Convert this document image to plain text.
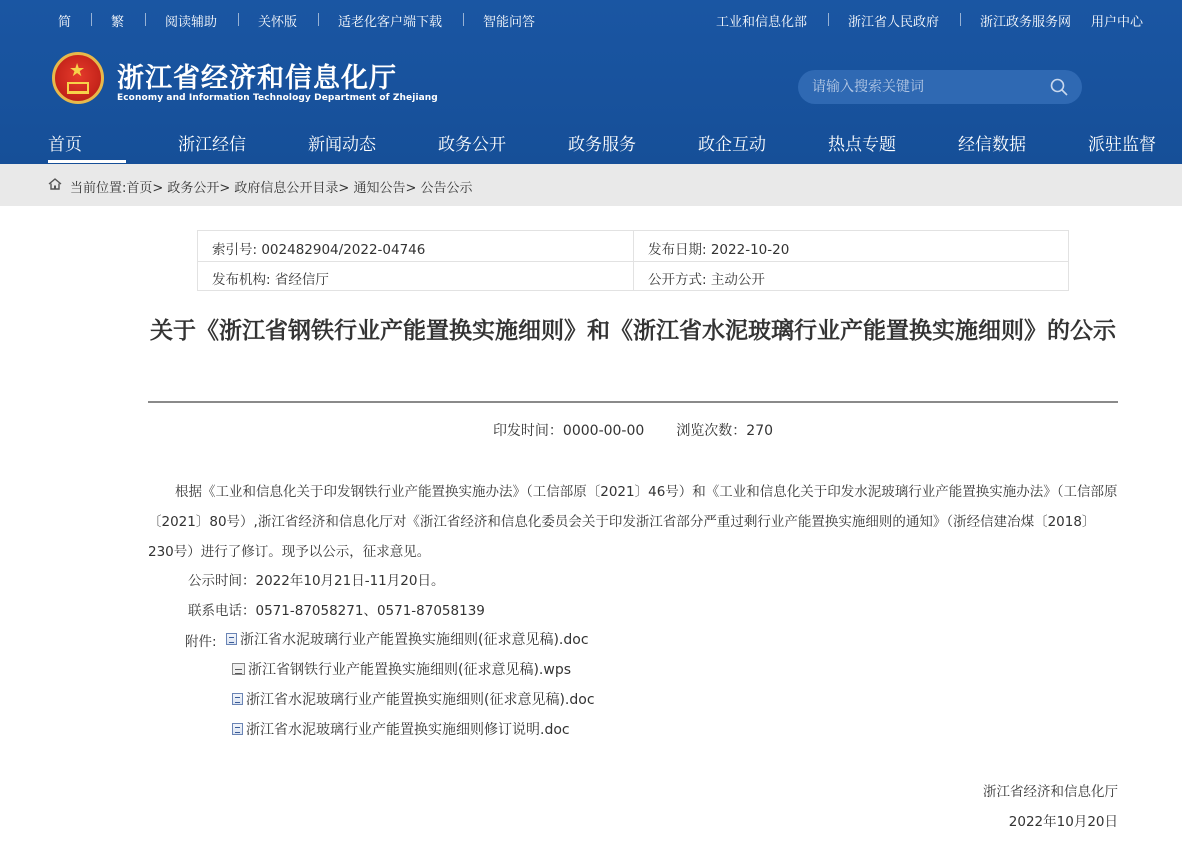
简	繁	阅读辅助	关怀版	适老化客户端下载	智能问答	工业和信息化部	浙江省人民政府	浙江政务服务网 用户中心
★ 浙江省经济和信息化厅
Economy and Information Technology Department of Zhejiang
请输入搜索关键词
首页	浙江经信	新闻动态	政务公开	政务服务	政企互动	热点专题	经信数据	派驻监督
当前位置:首页> 政务公开> 政府信息公开目录> 通知公告> 公告公示
索引号: 002482904/2022-04746	发布日期: 2022-10-20
发布机构: 省经信厅	公开方式: 主动公开
关于《浙江省钢铁行业产能置换实施细则》和《浙江省水泥玻璃行业产能置换实施细则》的公示
印发时间：0000-00-00 浏览次数：270
根据《工业和信息化关于印发钢铁行业产能置换实施办法》（工信部原〔2021〕46号）和《工业和信息化关于印发水泥玻璃行业产能置换实施办法》（工信部原〔2021〕80号）,浙江省经济和信息化厅对《浙江省经济和信息化委员会关于印发浙江省部分严重过剩行业产能置换实施细则的通知》（浙经信建冶煤〔2018〕230号）进行了修订。现予以公示，征求意见。
公示时间：2022年10月21日-11月20日。
联系电话：0571-87058271、0571-87058139
附件: 浙江省水泥玻璃行业产能置换实施细则(征求意见稿).doc
浙江省钢铁行业产能置换实施细则(征求意见稿).wps
浙江省水泥玻璃行业产能置换实施细则(征求意见稿).doc
浙江省水泥玻璃行业产能置换实施细则修订说明.doc
浙江省经济和信息化厅
2022年10月20日
